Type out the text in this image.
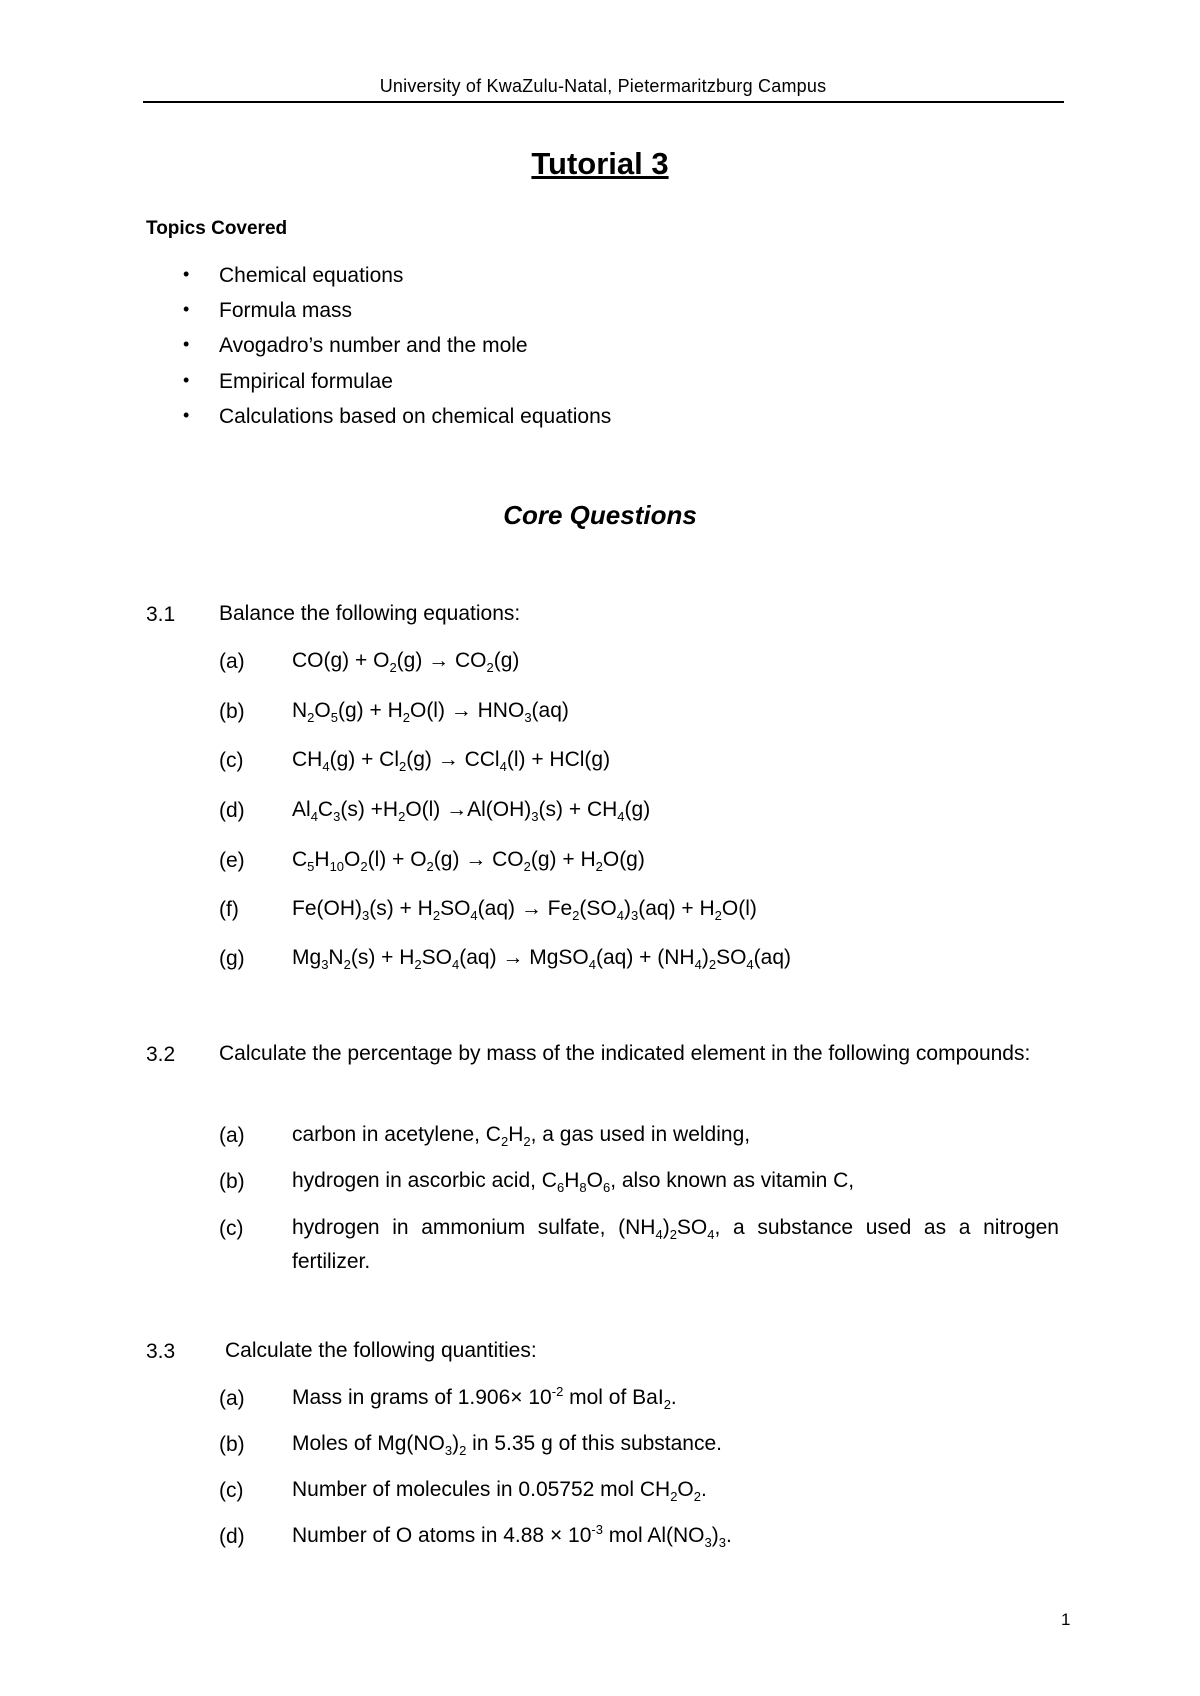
University of KwaZulu-Natal, Pietermaritzburg Campus
Tutorial 3
Topics Covered
• Chemical equations
• Formula mass
• Avogadro’s number and the mole
• Empirical formulae
• Calculations based on chemical equations
Core Questions
3.1 Balance the following equations:
(a) $CO(g) + O_2(g) \to CO_2(g)$
(b) $N_2O_5(g) + H_2O(l) \to HNO_3(aq)$
(c) $CH_4(g) + Cl_2(g) \to CCl_4(l) + HCl(g)$
(d) $Al_4C_3(s) +H_2O(l) \to Al(OH)_3(s) + CH_4(g)$
(e) $C_5H_{10}O_2(l) + O_2(g) \to CO_2(g) + H_2O(g)$
(f)	$Fe(OH)_3(s) + H_2SO_4(aq) \to Fe_2(SO_4)_3(aq) + H_2O(l)$
(g) $Mg_3N_2(s) + H_2SO_4(aq)$ → MgSO$_4$(aq) + $(NH_4)_2SO_4(aq)$
3.2 Calculate the percentage by mass of the indicated element in the following compounds:
(a) carbon in acetylene, $C_2H_2$, a gas used in welding,
(b) hydrogen in ascorbic acid, $C_6H_8O_6$, also known as vitamin C,
(c) hydrogen in ammonium sulfate, $(NH_4)_2SO_4$, a substance used as a nitrogen fertilizer.
3.3 Calculate the following quantities:
(a) Mass in grams of $1.906\times 10^{-2}$ mol of BaI$_2$.
(b) Moles of $Mg(NO_3)_2$ in 5.35 g of this substance.
(c) Number of molecules in 0.05752 mol $CH_2O_2$.
(d) Number of O atoms in $4.88 \times 10^{-3}$ mol $Al(NO_3)_3$.
1
